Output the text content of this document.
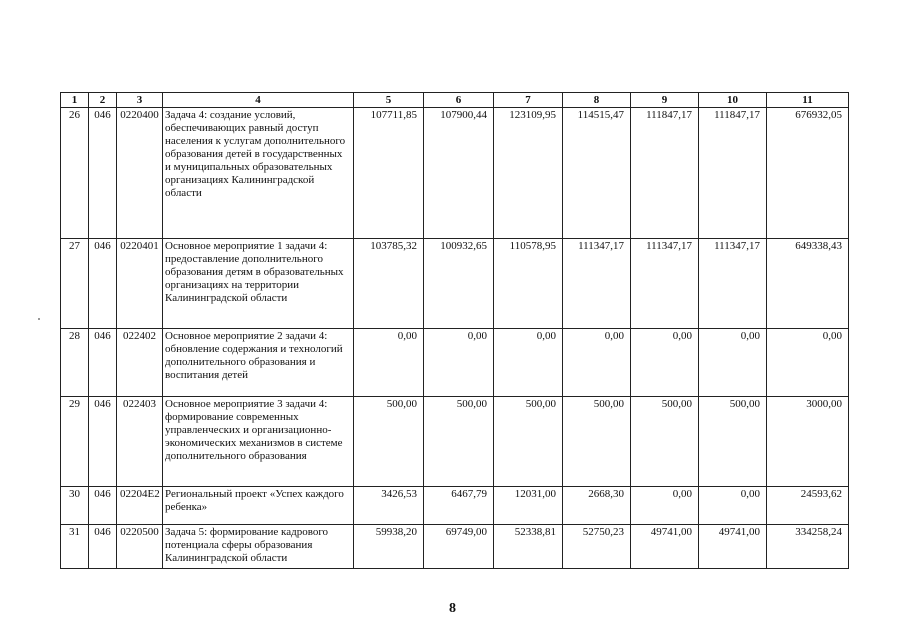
1	2	3	4	5	6	7	8	9	10	11
26	046	0220400	Задача 4: создание условий, обеспечивающих равный доступ населения к услугам дополнительного образования детей в государственных и муниципальных образовательных организациях Калининградской области	107711,85	107900,44	123109,95	114515,47	111847,17	111847,17	676932,05
27	046	0220401	Основное мероприятие 1 задачи 4: предоставление дополнительного образования детям в образовательных организациях на территории Калининградской области	103785,32	100932,65	110578,95	111347,17	111347,17	111347,17	649338,43
28	046	022402	Основное мероприятие 2 задачи 4: обновление содержания и технологий дополнительного образования и воспитания детей	0,00	0,00	0,00	0,00	0,00	0,00	0,00
29	046	022403	Основное мероприятие 3 задачи 4: формирование современных управленческих и организационно-экономических механизмов в системе дополнительного образования	500,00	500,00	500,00	500,00	500,00	500,00	3000,00
30	046	02204E2	Региональный проект «Успех каждого ребенка»	3426,53	6467,79	12031,00	2668,30	0,00	0,00	24593,62
31	046	0220500	Задача 5: формирование кадрового потенциала сферы образования Калининградской области	59938,20	69749,00	52338,81	52750,23	49741,00	49741,00	334258,24
8
